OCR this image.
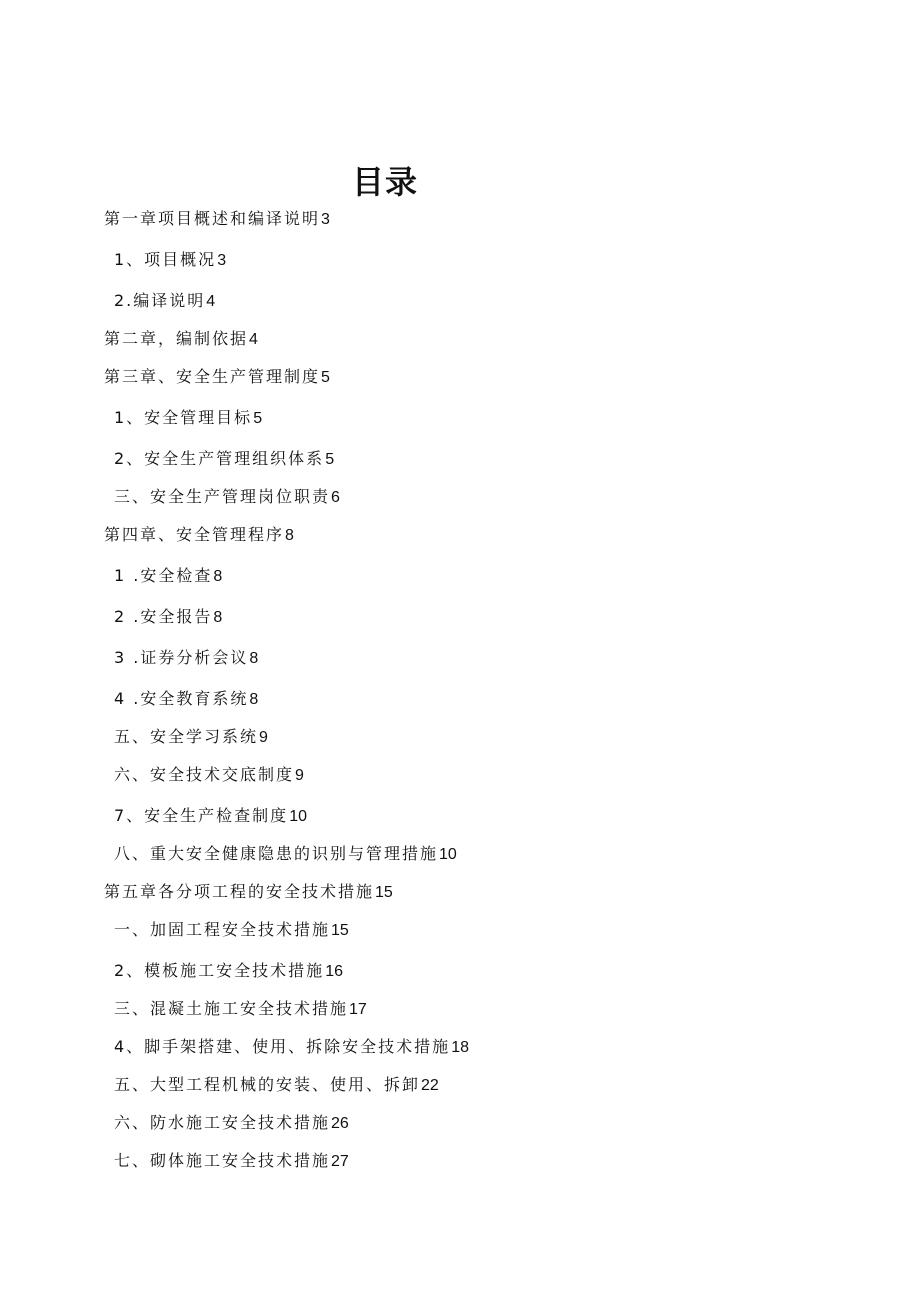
目录
第一章项目概述和编译说明3
1、项目概况3
2.编译说明4
第二章，编制依据4
第三章、安全生产管理制度5
1、安全管理目标5
2、安全生产管理组织体系5
三、安全生产管理岗位职责6
第四章、安全管理程序8
1 .安全检查8
2 .安全报告8
3 .证券分析会议8
4 .安全教育系统8
五、安全学习系统9
六、安全技术交底制度9
7、安全生产检查制度10
八、重大安全健康隐患的识别与管理措施10
第五章各分项工程的安全技术措施15
一、加固工程安全技术措施15
2、模板施工安全技术措施16
三、混凝土施工安全技术措施17
4、脚手架搭建、使用、拆除安全技术措施18
五、大型工程机械的安装、使用、拆卸22
六、防水施工安全技术措施26
七、砌体施工安全技术措施27
